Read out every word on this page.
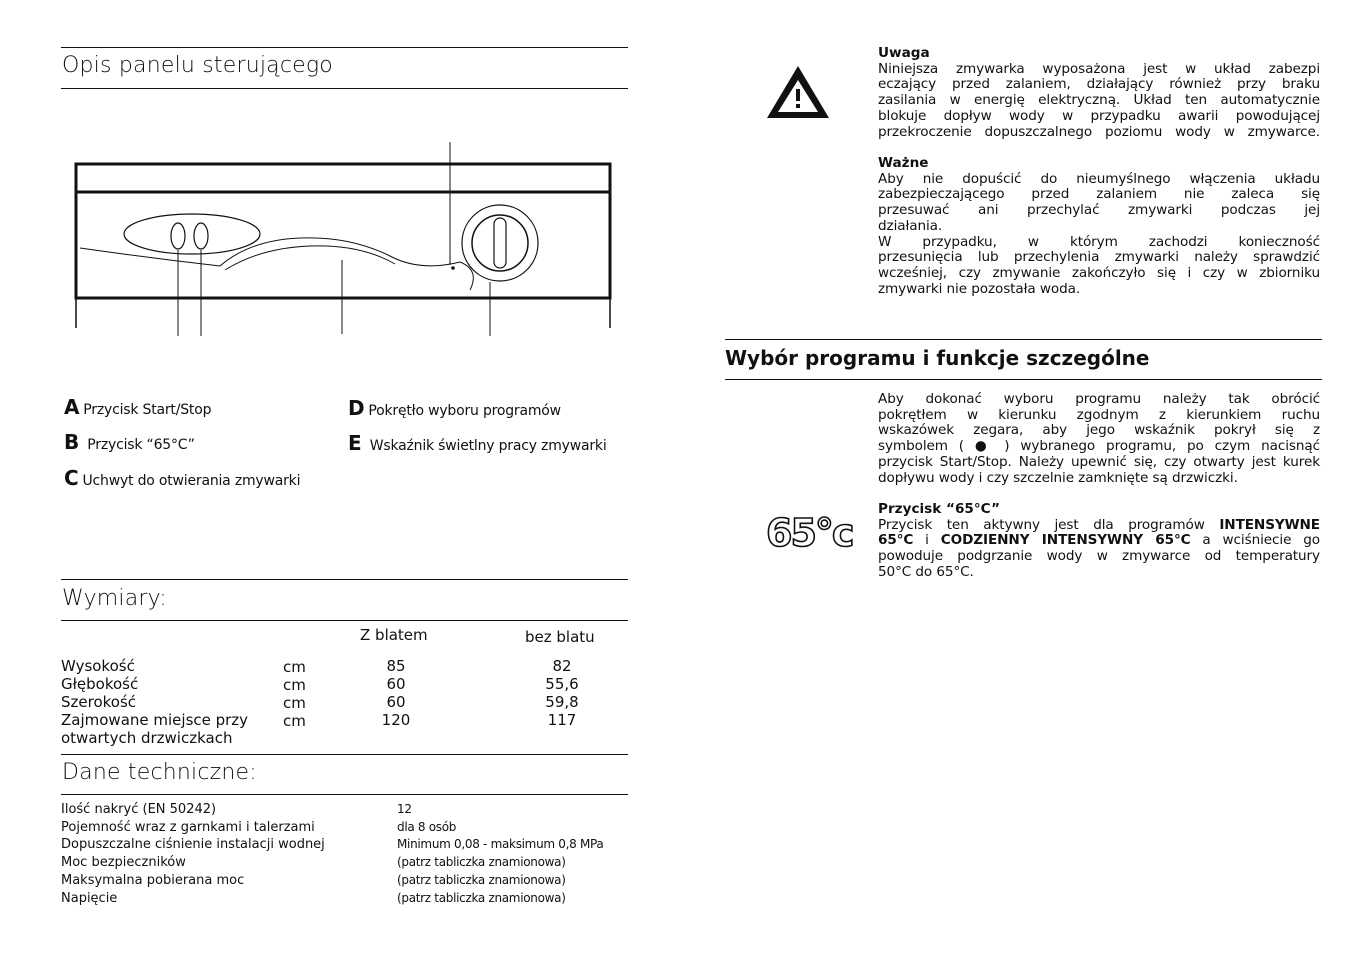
Opis panelu sterującego
A Przycisk Start/Stop
B Przycisk “65°C”
C Uchwyt do otwierania zmywarki
D Pokrętło wyboru programów
E Wskaźnik świetlny pracy zmywarki
Wymiary:
Z blatem	bez blatu
Wysokość
Głębokość
Szerokość
Zajmowane miejsce przy
otwartych drzwiczkach
cm
cm
cm
cm
85
60
60
120
82
55,6
59,8
117
Dane techniczne:
Ilość nakryć (EN 50242)
Pojemność wraz z garnkami i talerzami
Dopuszczalne ciśnienie instalacji wodnej
Moc bezpieczników
Maksymalna pobierana moc
Napięcie
12
dla 8 osób
Minimum 0,08 - maksimum 0,8 MPa
(patrz tabliczka znamionowa)
(patrz tabliczka znamionowa)
(patrz tabliczka znamionowa)
Uwaga
Niniejsza zmywarka wyposażona jest w układ zabezpi
eczający przed zalaniem, działający również przy braku
zasilania w energię elektryczną. Układ ten automatycznie
blokuje dopływ wody w przypadku awarii powodującej
przekroczenie dopuszczalnego poziomu wody w zmywarce.
Ważne
Aby nie dopuścić do nieumyślnego włączenia układu
zabezpieczającego przed zalaniem nie zaleca się
przesuwać ani przechylać zmywarki podczas jej
działania.
W przypadku, w którym zachodzi konieczność
przesunięcia lub przechylenia zmywarki należy sprawdzić
wcześniej, czy zmywanie zakończyło się i czy w zbiorniku
zmywarki nie pozostała woda.
Wybór programu i funkcje szczególne
Aby dokonać wyboru programu należy tak obrócić
pokrętłem w kierunku zgodnym z kierunkiem ruchu
wskazówek zegara, aby jego wskaźnik pokrył się z
symbolem ( ● ) wybranego programu, po czym nacisnąć
przycisk Start/Stop. Należy upewnić się, czy otwarty jest kurek
dopływu wody i czy szczelnie zamknięte są drzwiczki.
65°c
Przycisk “65°C”
Przycisk ten aktywny jest dla programów INTENSYWNE
65°C i CODZIENNY INTENSYWNY 65°C a wciśniecie go
powoduje podgrzanie wody w zmywarce od temperatury
50°C do 65°C.
